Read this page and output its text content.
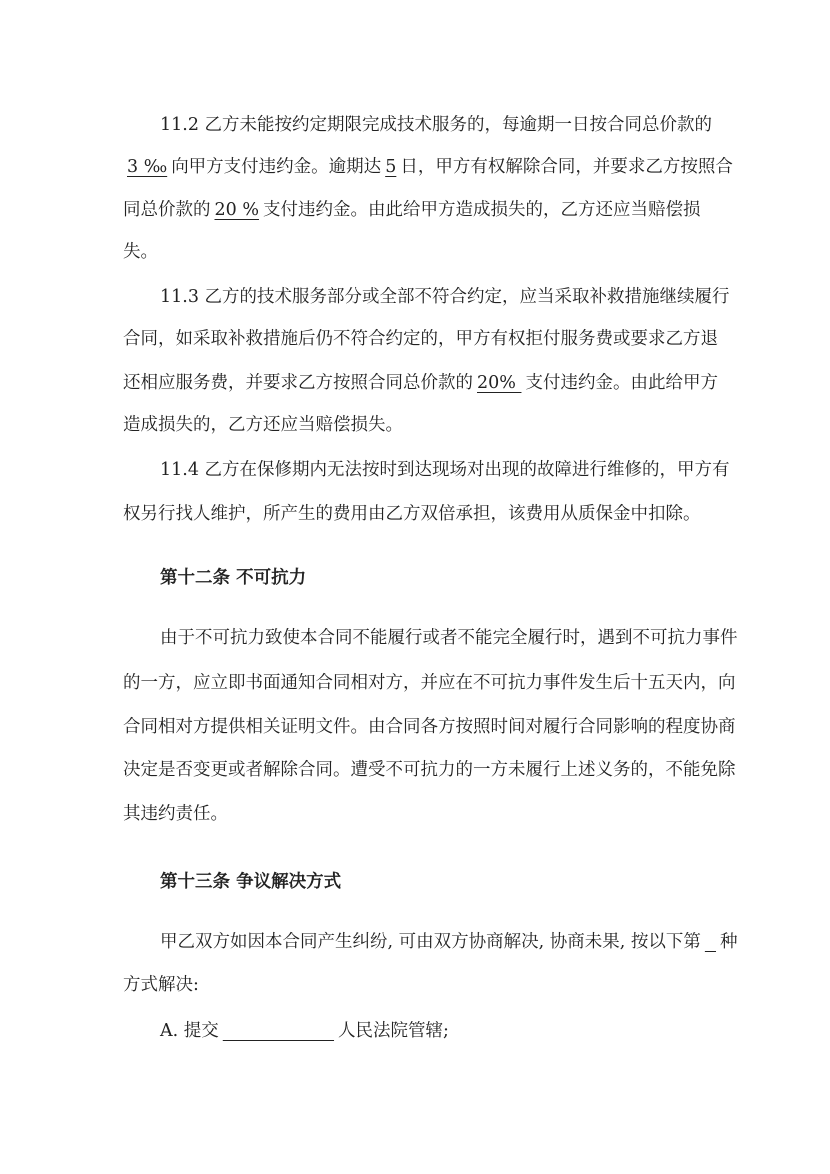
11.2 乙方未能按约定期限完成技术服务的，每逾期一日按合同总价款的
3 ‰ 向甲方支付违约金。逾期达 5 日，甲方有权解除合同，并要求乙方按照合
同总价款的 20 % 支付违约金。由此给甲方造成损失的，乙方还应当赔偿损
失。
11.3 乙方的技术服务部分或全部不符合约定，应当采取补救措施继续履行
合同，如采取补救措施后仍不符合约定的，甲方有权拒付服务费或要求乙方退
还相应服务费，并要求乙方按照合同总价款的 20% 支付违约金。由此给甲方
造成损失的，乙方还应当赔偿损失。
11.4 乙方在保修期内无法按时到达现场对出现的故障进行维修的，甲方有
权另行找人维护，所产生的费用由乙方双倍承担，该费用从质保金中扣除。
第十二条 不可抗力
由于不可抗力致使本合同不能履行或者不能完全履行时，遇到不可抗力事件
的一方，应立即书面通知合同相对方，并应在不可抗力事件发生后十五天内，向
合同相对方提供相关证明文件。由合同各方按照时间对履行合同影响的程度协商
决定是否变更或者解除合同。遭受不可抗力的一方未履行上述义务的，不能免除
其违约责任。
第十三条 争议解决方式
甲乙双方如因本合同产生纠纷, 可由双方协商解决, 协商未果, 按以下第 种
方式解决:
A. 提交	人民法院管辖;
